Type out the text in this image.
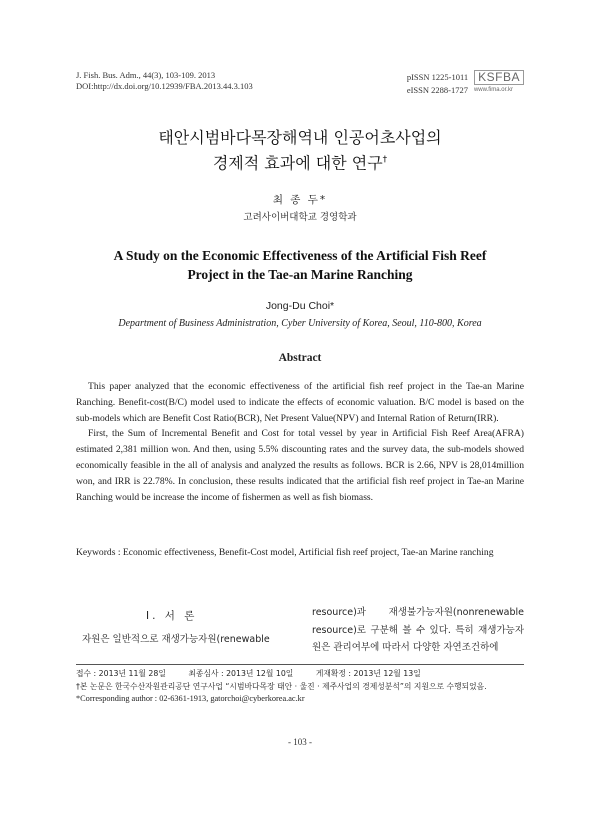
J. Fish. Bus. Adm., 44(3), 103-109. 2013
DOI:http://dx.doi.org/10.12939/FBA.2013.44.3.103
pISSN 1225-1011 KSFBA
eISSN 2288-1727 www.fima.or.kr
태안시범바다목장해역내 인공어초사업의
경제적 효과에 대한 연구†
최 종 두*
고려사이버대학교 경영학과
A Study on the Economic Effectiveness of the Artificial Fish Reef
Project in the Tae-an Marine Ranching
Jong-Du Choi*
Department of Business Administration, Cyber University of Korea, Seoul, 110-800, Korea
Abstract

This paper analyzed that the economic effectiveness of the artificial fish reef project in the Tae-an Marine Ranching. Benefit-cost(B/C) model used to indicate the effects of economic valuation. B/C model is based on the sub-models which are Benefit Cost Ratio(BCR), Net Present Value(NPV) and Internal Ration of Return(IRR).

First, the Sum of Incremental Benefit and Cost for total vessel by year in Artificial Fish Reef Area(AFRA) estimated 2,381 million won. And then, using 5.5% discounting rates and the survey data, the sub-models showed economically feasible in the all of analysis and analyzed the results as follows. BCR is 2.66, NPV is 28,014million won, and IRR is 22.78%. In conclusion, these results indicated that the artificial fish reef project in Tae-an Marine Ranching would be increase the income of fishermen as well as fish biomass.

Keywords : Economic effectiveness, Benefit-Cost model, Artificial fish reef project, Tae-an Marine ranching
Ⅰ. 서 론
자원은 일반적으로 재생가능자원(renewable
resource)과 재생불가능자원(nonrenewable resource)로 구분해 볼 수 있다. 특히 재생가능자원은 관리여부에 따라서 다양한 자연조건하에
접수 : 2013년 11월 28일	최종심사 : 2013년 12월 10일	게재확정 : 2013년 12월 13일
†본 논문은 한국수산자원관리공단 연구사업 “시범바다목장 태안 · 울진 · 제주사업의 경제성분석”의 지원으로 수행되었음.
*Corresponding author : 02-6361-1913, gatorchoi@cyberkorea.ac.kr
- 103 -
